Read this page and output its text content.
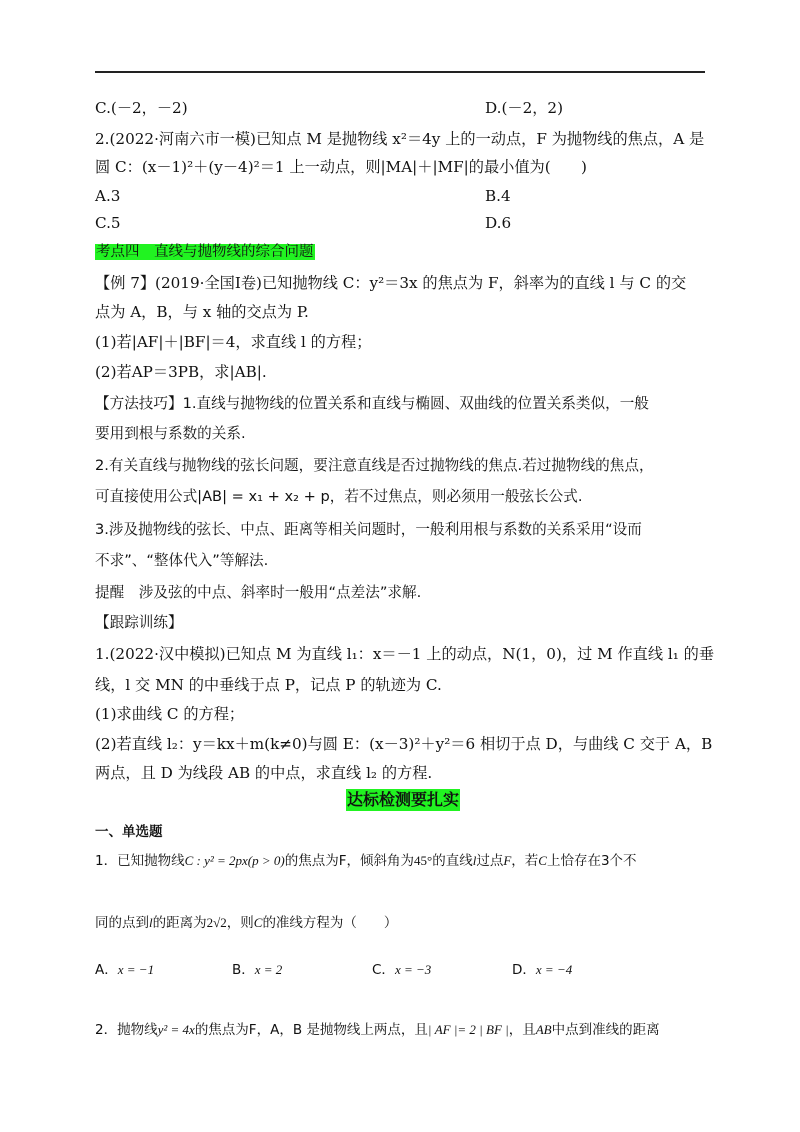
C.(－2，－2)	D.(－2，2)
2.(2022·河南六市一模)已知点 M 是抛物线 x²＝4y 上的一动点，F 为抛物线的焦点，A 是
圆 C：(x－1)²＋(y－4)²＝1 上一动点，则|MA|＋|MF|的最小值为(　　)
A.3	B.4
C.5	D.6
考点四　直线与抛物线的综合问题
【例 7】(2019·全国Ⅰ卷)已知抛物线 C：y²＝3x 的焦点为 F，斜率为的直线 l 与 C 的交
点为 A，B，与 x 轴的交点为 P.
(1)若|AF|＋|BF|＝4，求直线 l 的方程；
(2)若AP＝3PB，求|AB|.
【方法技巧】1.直线与抛物线的位置关系和直线与椭圆、双曲线的位置关系类似，一般
要用到根与系数的关系.
2.有关直线与抛物线的弦长问题，要注意直线是否过抛物线的焦点.若过抛物线的焦点，
可直接使用公式|AB| = x₁ + x₂ + p，若不过焦点，则必须用一般弦长公式.
3.涉及抛物线的弦长、中点、距离等相关问题时，一般利用根与系数的关系采用“设而
不求”、“整体代入”等解法.
提醒　涉及弦的中点、斜率时一般用“点差法”求解.
【跟踪训练】
1.(2022·汉中模拟)已知点 M 为直线 l₁：x＝－1 上的动点，N(1，0)，过 M 作直线 l₁ 的垂
线，l 交 MN 的中垂线于点 P，记点 P 的轨迹为 C.
(1)求曲线 C 的方程；
(2)若直线 l₂：y＝kx＋m(k≠0)与圆 E：(x－3)²＋y²＝6 相切于点 D，与曲线 C 交于 A，B
两点，且 D 为线段 AB 的中点，求直线 l₂ 的方程.
达标检测要扎实
一、单选题
1．已知抛物线C : y² = 2px(p > 0)的焦点为F，倾斜角为45°的直线l过点F，若C上恰存在3个不
同的点到l的距离为2√2，则C的准线方程为（　　）
A．x = −1	B．x = 2	C．x = −3	D．x = −4
2．抛物线y² = 4x的焦点为F，A，B 是抛物线上两点，且| AF |= 2 | BF |，且AB中点到准线的距离
